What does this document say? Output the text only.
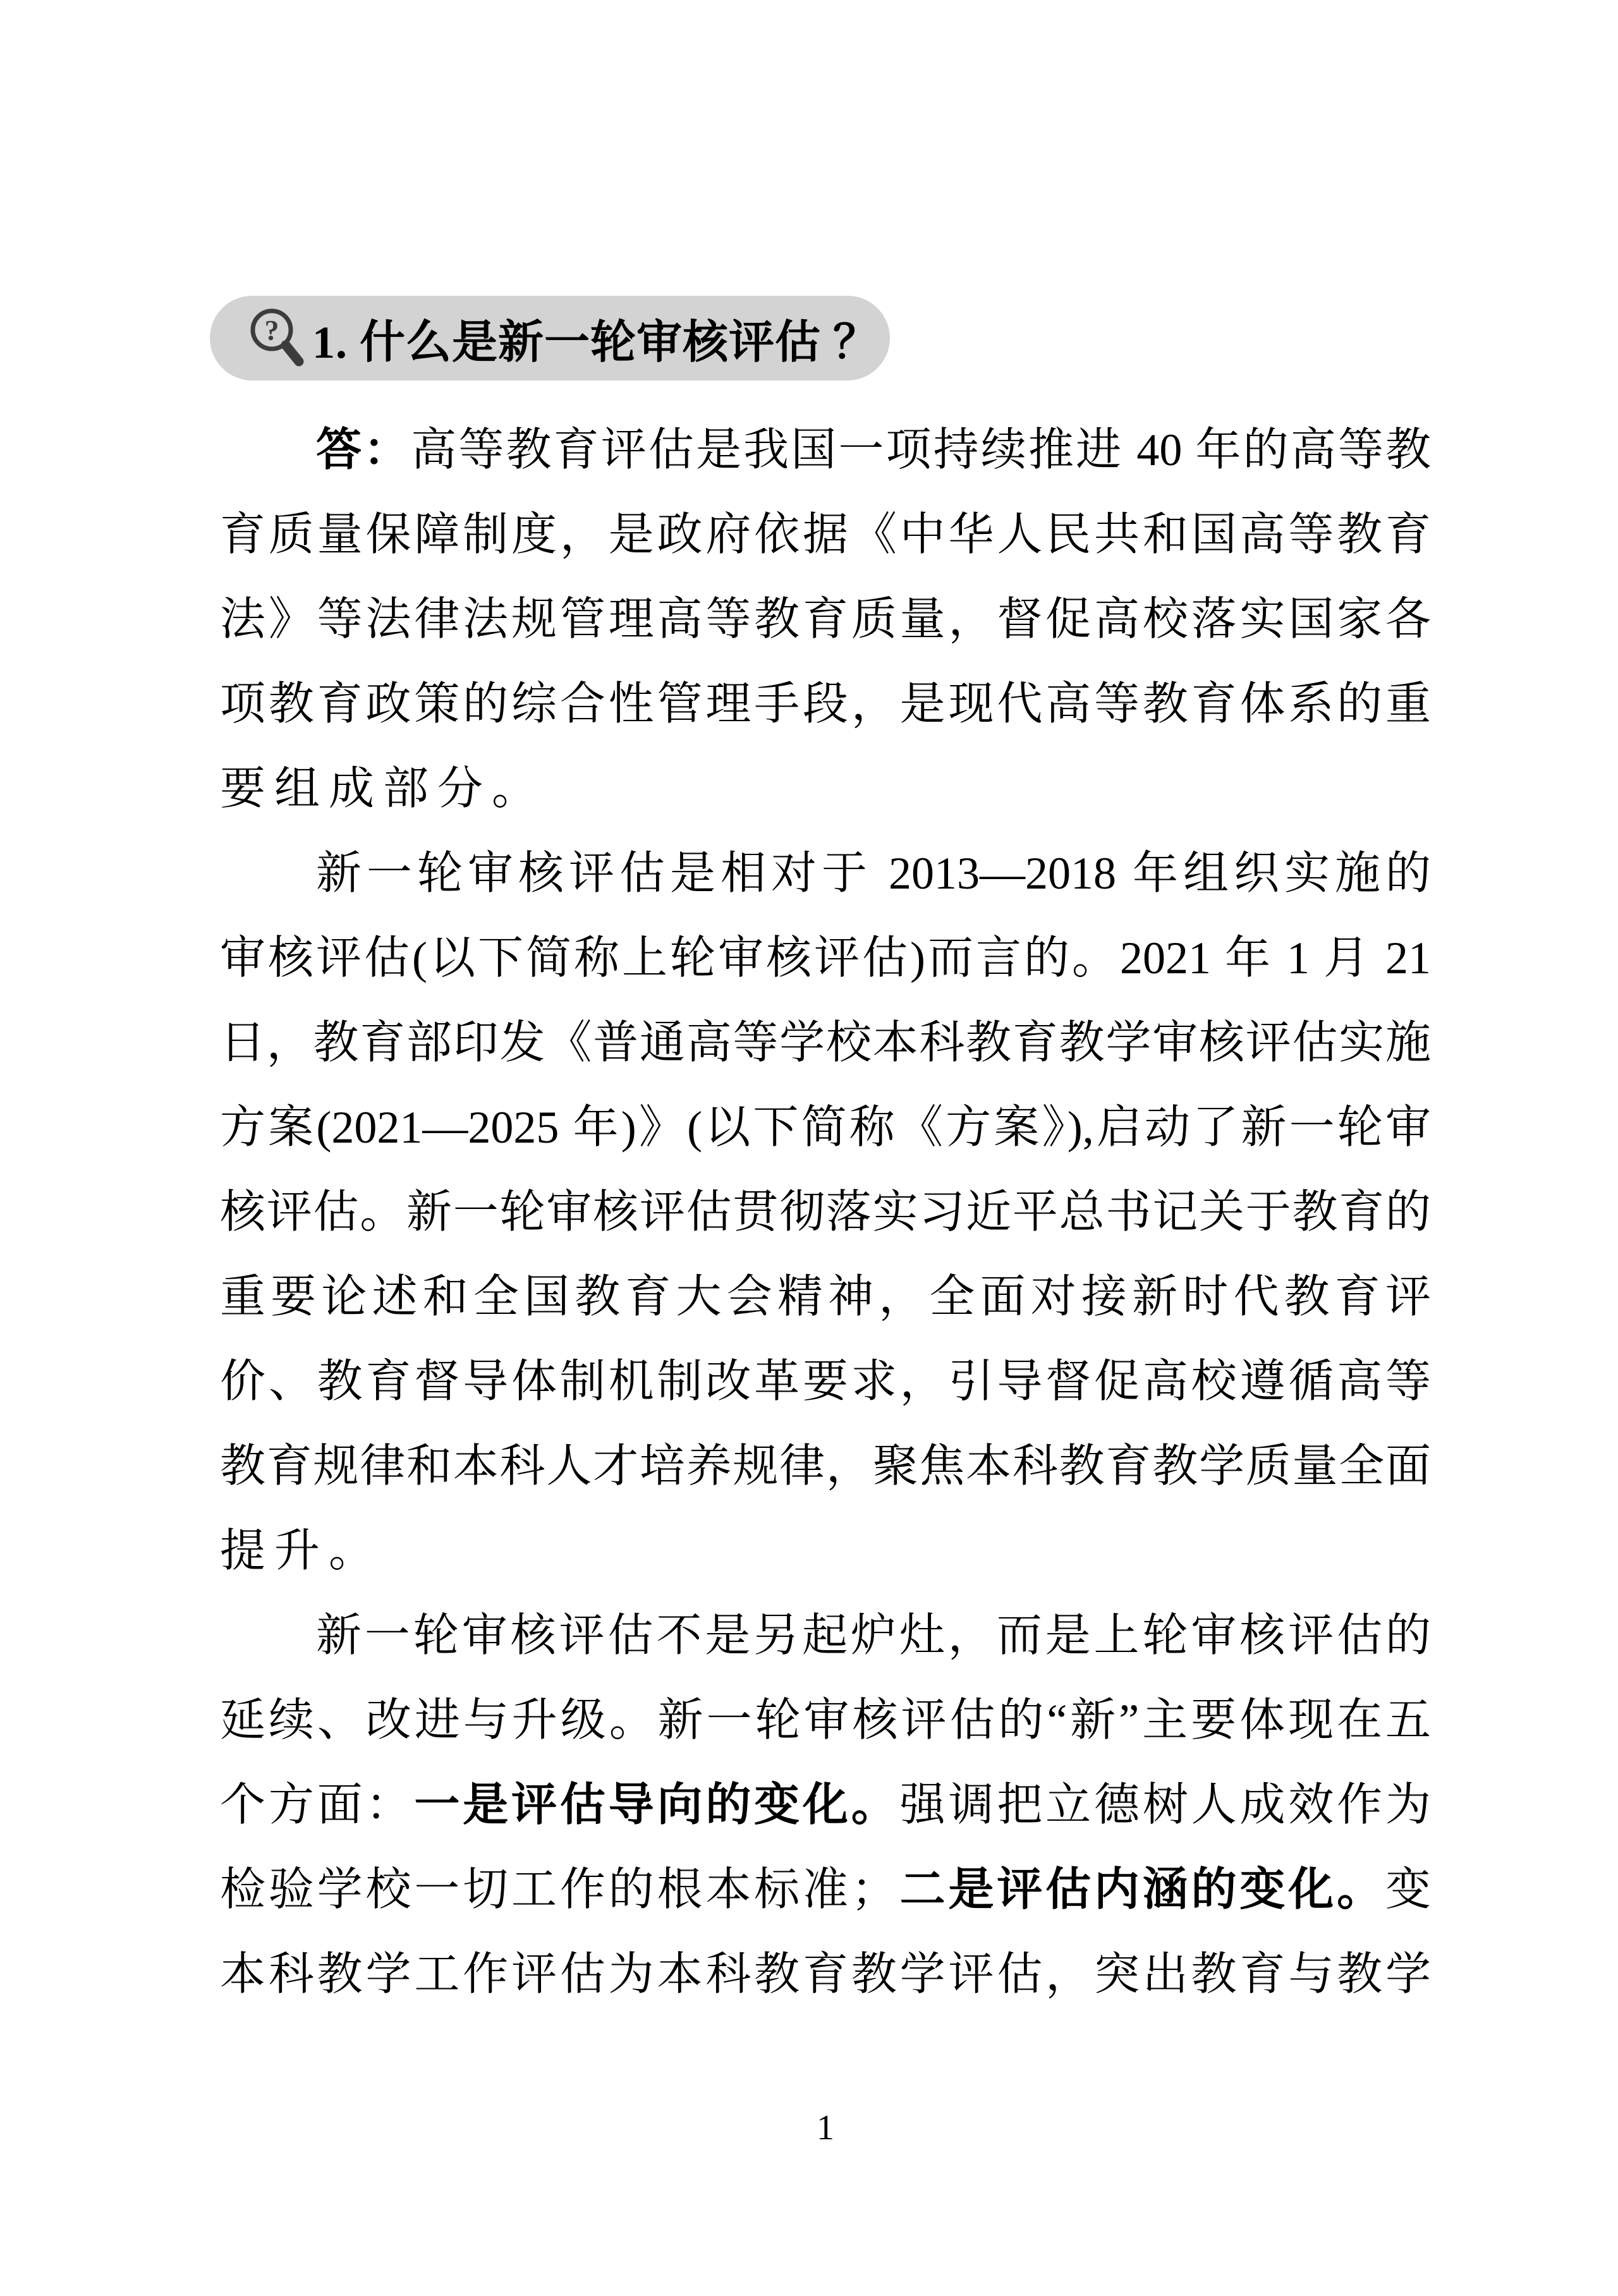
? 1. 什么是新一轮审核评估 ？
答：高等教育评估是我国一项持续推进 40 年的高等教
育质量保障制度，是政府依据《中华人民共和国高等教育
法》等法律法规管理高等教育质量，督促高校落实国家各
项教育政策的综合性管理手段，是现代高等教育体系的重
要组成部分。
新一轮审核评估是相对于 2013—2018 年组织实施的
审核评估(以下简称上轮审核评估)而言的。2021 年 1 月 21
日，教育部印发《普通高等学校本科教育教学审核评估实施
方案(2021—2025 年)》(以下简称《方案》),启动了新一轮审
核评估。新一轮审核评估贯彻落实习近平总书记关于教育的
重要论述和全国教育大会精神，全面对接新时代教育评
价、教育督导体制机制改革要求，引导督促高校遵循高等
教育规律和本科人才培养规律，聚焦本科教育教学质量全面
提升。
新一轮审核评估不是另起炉灶，而是上轮审核评估的
延续、改进与升级。新一轮审核评估的“新”主要体现在五
个方面：一是评估导向的变化。强调把立德树人成效作为
检验学校一切工作的根本标准；二是评估内涵的变化。变
本科教学工作评估为本科教育教学评估，突出教育与教学
1
